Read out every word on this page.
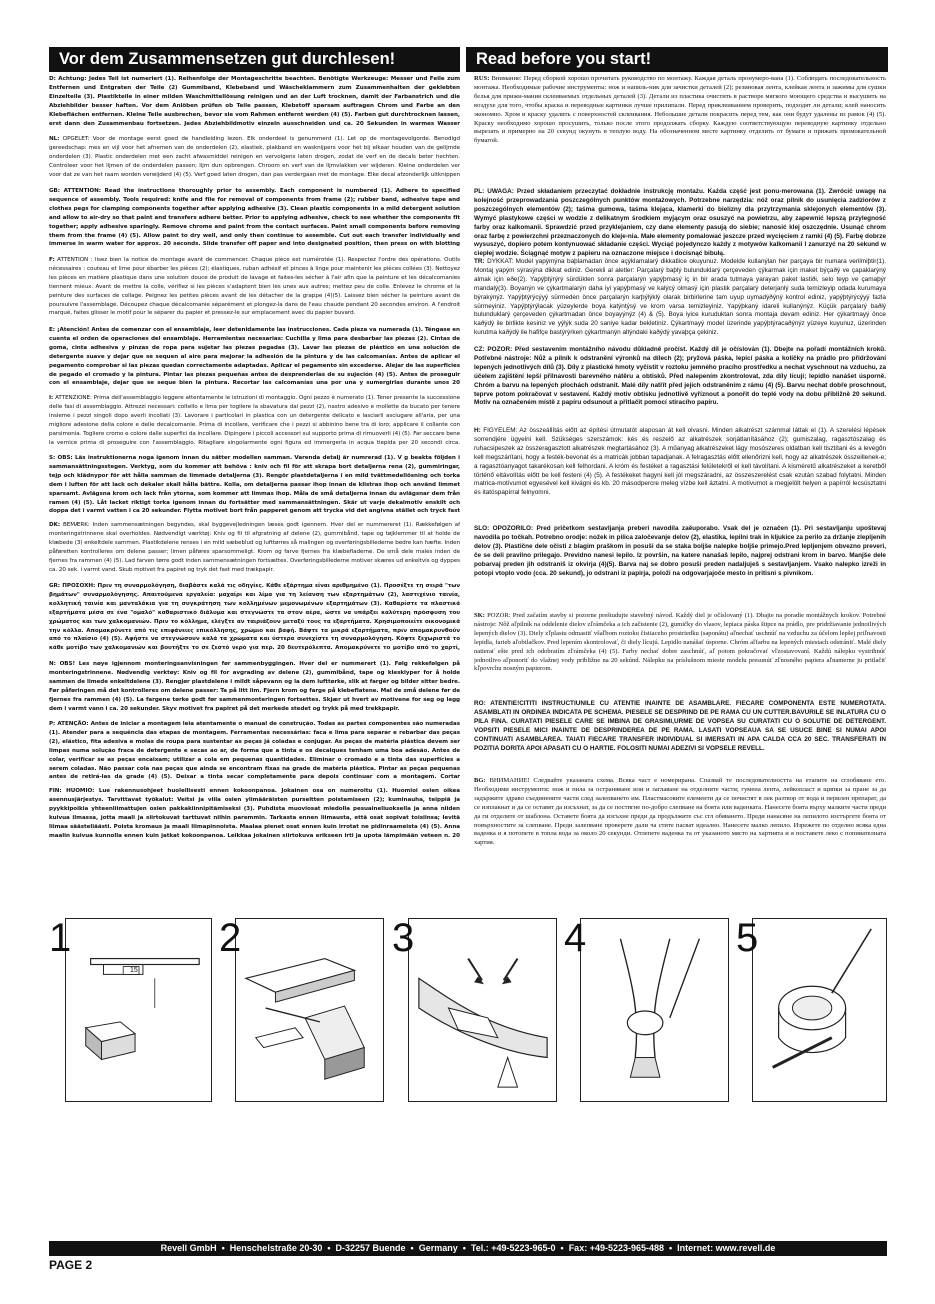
Vor dem Zusammensetzen gut durchlesen!	Read before you start!
D: Achtung: Jedes Teil ist numeriert (1). Reihenfolge der Montageschritte beachten. Benötigte Werkzeuge: Messer und Feile zum Entfernen und Entgraten der Teile (2) Gummiband, Klebeband und Wäscheklammern zum Zusammenhalten der geklebten Einzelteile (3). Plastikteile in einer milden Waschmittellösung reinigen und an der Luft trocknen, damit der Farbanstrich und die Abziehbilder besser haften. Vor dem Anlöben prüfen ob Teile passen, Klebstoff sparsam auftragen Chrom und Farbe an den Klebeflächen entfernen. Kleine Teile ausbrechen, bevor sie vom Rahmen entfernt werden (4) (5). Farben gut durchtrocknen lassen, erst dann den Zusammenbau fortsetzen. Jedes Abziehbildmotiv einzeln ausschneiden und ca. 20 Sekunden in warmes Wasser
NL: OPGELET: Voor de montage eerst goed de handleiding lezen. Elk onderdeel is genummerd (1). Let op de montagevolgorde. Benodigd gereedschap: mes en vijl voor het afnemen van de onderdelen (2), elastiek, plakband en wasknijpers voor het bij elkaar houden van de gelijmde onderdelen (3). Plastic onderdelen met een zacht afwasmiddel reinigen en vervolgens laten drogen, zodat de verf en de decals beter hechten. Controleer voor het lijmen of de onderdelen passen; lijm dun opbrengen. Chroom en verf van de lijmvlakken ver wijderen. Kleine onderdelen ver voor dat ze van het raam worden verwijderd (4) (5). Verf goed laten drogen, dan pas verdergaan met de montage. Elke decal afzonderlijk uitknippen
GB: ATTENTION: Read the instructions thoroughly prior to assembly. Each component is numbered (1). Adhere to specified sequence of assembly. Tools required: knife and file for removal of components from frame (2); rubber band, adhesive tape and clothes pegs for clamping components together after applying adhesive (3). Clean plastic components in a mild detergent solution and allow to air-dry so that paint and transfers adhere better. Prior to applying adhesive, check to see whether the components fit together; apply adhesive sparingly. Remove chrome and paint from the contact surfaces. Paint small components before removing them from the frame (4) (5). Allow paint to dry well, and only then continue to assemble. Cut out each transfer individually and immerse in warm water for approx. 20 seconds. Slide transfer off paper and into designated position, then press on with blotting
F: ATTENTION : lisez bien la notice de montage avant de commencer. Chaque pièce est numérotée (1). Respectez l'ordre des opérations. Outils nécessaires : couteau et lime pour ébarber les pièces (2); élastiques, ruban adhésif et pinces à linge pour maintenir les pièces collées (3). Nettoyez les pièces en matière plastique dans une solution douce de produit de lavage et faites-les sécher à l'air afin que la peinture et les décalcomanies tiennent mieux. Avant de mettre la colle, vérifiez si les pièces s'adaptent bien les unes aux autres; mettez peu de colle. Enlevez le chrome et la peinture des surfaces de collage. Peignez les petites pièces avant de les détacher de la grappe (4)(5). Laissez bien sécher la peinture avant de poursuivre l'assemblage. Découpez chaque décalcomanie séparément et plongez-la dans de l'eau chaude pendant 20 secondes environ. A l'endroit marqué, faites glisser le motif pour le séparer du papier et pressez-le sur emplacement avec du papier buvard.
E: ¡Atención! Antes de comenzar con el ensamblaje, leer detenidamente las instrucciones. Cada pieza va numerada (1). Téngase en cuenta el orden de operaciones del ensamblaje. Herramientas necesarias: Cuchilla y lima para desbarbar las piezas (2). Cintas de goma, cinta adhesiva y pinzas de ropa para sujetar las piezas pegadas (3). Lavar las piezas de plástico en una solución de detergente suave y dejar que se sequen al aire para mejorar la adhesión de la pintura y de las calcomanías. Antes de aplicar el pegamento comprobar si las piezas quedan correctamente adaptadas. Aplicar el pegamento sin excederse. Alejar de las superficies de pegado el cromado y la pintura. Pintar las piezas pequeñas antes de desprenderlas de su sujeción (4) (5). Antes de proseguir con el ensamblaje, dejar que se seque bien la pintura. Recortar las calcomanías una por una y sumergirlas durante unos 20
I: ATTENZIONE: Prima dell'assemblaggio leggere attentamente le istruzioni di montaggio. Ogni pezzo è numerato (1). Tener presente la successione delle fasi di assemblaggio. Attrezzi necessari: coltello e lima per togliere la sbavatura dai pezzi (2), nastro adesivo e mollette da bucato per tenere insieme i pezzi singoli dopo averli incollati (3). Lavorare i particolari in plastica con un detergente delicato e lasciarli asciugare all'aria, per una migliore adesione della colore e delle decalcomanie. Prima di incollare, verificare che i pezzi si abbinino bene tra di loro; applicare il collante con parsimonia. Togliere cromo e colore dalle superfici da incollare. Dipingere i piccoli accessori sul supporto prima di rimuoverli (4) (5). Far seccare bene la vernice prima di proseguire con l'assemblaggio. Ritagliare singolarmente ogni figura ed immergerla in acqua tiepida per 20 secondi circa.
S: OBS: Läs instruktionerna noga igenom innan du sätter modellen samman. Varenda detalj är numrerad (1). V g beakta följden i sammansättningsstegen. Verktyg, som du kommer att behöva : kniv och fil för att skrapa bort detaljerna rena (2), gummiringar, tejp och klädnypor för att hålla samman de limmade detaljerna (3). Rengör plastdetaljerna i en mild tvättmedellösning och torka dem i luften för att lack och dekaler skall hålla bättre. Kolla, om detaljerna passar ihop innan de klistras ihop och använd limmet sparsamt. Avlägsna krom och lack från ytorna, som kommer att limmas ihop. Måla de små detaljerna innan du avlägsnar dem från ramen (4) (5). Låt lacket riktigt torka igenom innan du fortsätter med sammansättningen. Skär ut varje dekalmotiv enskilt och doppa det i varmt vatten i ca 20 sekunder. Flytta motivet bort från papperet genom att trycka vid det angivna stället och tryck fast
DK: BEMÆRK: Inden sammensætningen begyndes, skal byggevejledningen læses godt igennem. Hver del er nummereret (1). Rækkefølgen af monteringstrinnene skal overholdes. Nødvendigt værktøj: Kniv og fil til afgratning af delene (2), gummibånd, tape og tøjklemmer til at holde de klæbede (3) enkeltdele sammen. Plastikdelene renses i en mild sæbeblud og lufttørres så malingen og overføringsbillederne bedre kan hæfte. Inden påføretten kontrolleres om delene passer; limen påføres sparsommeligt. Krom og farve fjernes fra klæbefladerne. De små dele males inden de fjernes fra rammen (4) (5). Lad farven tørre godt inden sammensætningen fortsættes. Overføringsbillederne motiver skæres ud enkeltvis og dyppes ca. 20 sek. i varmt vand. Skub motivet fra papiret og tryk det fast med trækpapir.
GR: ΠΡΟΣΟΧΗ: Πριν τη συναρμολόγηση, διαβάστε καλά τις οδηγίες. Κάθε εξάρτημα είναι αριθμημένο (1). Προσέξτε τη σειρά "των βημάτων" συναρμολόγησης. Απαιτούμενα εργαλεία: μαχαίρι και λίμα για τη λείανση των εξαρτημάτων (2), λαστιχένιο ταινία, κολλητική ταινία και μανταλάκια για τη συγκράτηση των κολλημένων μεμονωμένων εξαρτημάτων (3). Καθαρίστε τα πλαστικά εξαρτήματα μέσα σε ένα "ομαλό" καθαριστικό διάλυμα και στεγνώστε τα στον αέρα, ώστε να υπάρξει καλύτερη πρόσφυση του χρώματος και των χαλκομανιών. Πριν το κόλλημα, ελέγξτε αν ταιριάζουν μεταξύ τους τα εξαρτήματα. Χρησιμοποιείτε οικονομικά την κόλλα. Απομακρύνετε από τις επιφάνειες επικόλλησης, χρώμιο και βαφή. Βάψτε τα μικρά εξαρτήματα, πριν απομακρυνθούν από το πλαίσιο (4) (5). Αφήστε να στεγνώσουν καλά τα χρώματα και ύστερα συνεχίστε τη συναρμολόγηση. Κόψτε ξεχωριστά το κάθε μοτίβο των χαλκομανιών και βουτήξτε το σε ζεστό νερό για περ. 20 δευτερόλεπτα. Απομακρύνετε το μοτίβο από το χαρτί,
N: OBS! Les nøye igjennom monteringsanvisningen før sammenbyggingen. Hver del er nummerert (1). Følg rekkefølgen på monteringstrinnene. Nødvendig verktøy: Kniv og fil for avgrading av delene (2), gummibånd, tape og klesklyper for å holde sammen de limede enkeltdelene (3). Rengjør plastdelene i mildt såpevann og la dem lufttørke, slik at farger og bilder sitter bedre. Før påføringen må det kontrolleres om delene passer: Ta på litt lim. Fjern krom og farge på klebeflatene. Mal de små delene før de fjernes fra rammen (4) (5). La fargene tørke godt før sammenmonteringen fortsettes. Skjær ut hvert av motivene for seg og legg dem i varmt vann i ca. 20 sekunder. Skyv motivet fra papiret på det merkede stedet og trykk på med trekkpapir.
P: ATENÇÃO: Antes de iniciar a montagem leia atentamente o manual de construção. Todas as partes componentes são numeradas (1). Atender para a sequência das etapas de montagem. Ferramentas necessárias: faca e lima para separar e rebarbar das peças (2), elástico, fita adesiva e molas de roupa para sustentar as peças já coladas e conjugar. As peças de matéria plástica devem ser limpas numa solução fraca de detergente e secas ao ar, de forma que a tinta e os decalques tenham uma boa adesão. Antes de colar, verificar se as peças encaixam; utilizar a cola em pequenas quantidades. Eliminar o cromado e a tinta das superfícies a serem coladas. Não passar cola nas peças que ainda se encontram fixas na grade de matéria plástica. Pintar as peças pequenas antes de retirá-las da grade (4) (5). Deixar a tinta secar completamente para depois continuar com a montagem. Cortar
FIN: HUOMIO: Lue rakennusohjeet huolellisesti ennen kokoonpanoa. Jokainen osa on numeroitu (1). Huomioi osien oikea asennusjärjestys. Tarvittavat työkalut: Veitsi ja viila osien ylimääräisten purseitten poistamiseen (2); kuminauha, teippiä ja pyykkipoikia yhteenliimattujen osien pakkakiinnipitämiseksi (3). Puhdista muoviosat miedolla pesuaineliuoksella ja anna niiden kuivua ilmassa, jotta maali ja siirtokuvat tarttuvat niihin paremmin. Tarkasta ennen liimausta, että osat sopivat toisiinsa; levitä liimaa säästeliäästi. Poista kromaus ja maali liimapinnoista. Maalaa pienet osat ennen kuin irrotat ne pidinraameista (4) (5). Anna maalin kuivua kunnolla ennen kuin jatkat kokoonpanoa. Leikkaa jokainen siirtokuva erikseen irti ja upota lämpimään veteen n. 20
RUS: Внимание: Перед сборкой хорошо прочитать руководство по монтажу. Каждая деталь пронумеро-вана (1). Соблюдать последовательность монтажа. Необходимые рабочие инструменты: нож и напиль-ник для зачистки деталей (2); резиновая лента, клейкая лента и зажимы для сушки белья для прижи-мания склеиваемых отдельных деталей (3). Детали из пластика очистить в растворе мягкого моющего средства и высушить на воздухе для того, чтобы краска и переводные картинки лучше прилипали. Перед приклеиванием проверить, подходят ли детали; клей наносить экономно. Хром и краску удалить с поверхностей склеивания. Небольшие детали покрасить перед тем, как они будут удалены из рамок (4) (5). Краску необходимо хорошо просушить, только после этого продолжать сборку. Каждую соответствующую переводную картинку отдельно вырезать и примерно на 20 секунд окунуть в теплую воду. На обозначенном месте картинку отделить от бумаги и прижать промокательной бумагой.
PL: UWAGA: Przed składaniem przeczytać dokładnie instrukcję montażu. Każda część jest ponu-merowana (1). Zwrócić uwagę na kolejność przeprowadzania poszczególnych punktów montażowych. Potrzebne narzędzia: nóż oraz pilnik do usunięcia zadziorów z poszczególnych elementów (2); taśma gumowa, taśma klejąca, klamerki do bielizny dla przytrzymania sklejonych elementów (3). Wymyć plastykowe części w wodzie z delikatnym środkiem myjącym oraz osuszyć na powietrzu, aby zapewnić lepszą przylegność farby oraz kalkomanii. Sprawdzić przed przyklejaniem, czy dane elementy pasują do siebie; nanosić klej oszczędnie. Usunąć chrom oraz farbę z powierzchni przeznaczonych do kleje-nia. Małe elementy pomalować jeszcze przed wycięciem z ramki (4) (5). Farbę dobrze wysuszyć, dopiero potem kontynuować składanie części. Wyciąć pojedynczo każdy z motywów kalkomanii I zanurzyć na 20 sekund w ciepłej wodzie. Ściągnąć motyw z papieru na oznaczone miejsce i docisnąć bibułą.
TR: DYKKAT: Model yapýmýna baþlamadan önce açýklamalarý dikkatlice okuyunuz. Modelde kullanýlan her parçaya bir numara verilmiþtir(1). Montaj yapým sýrasýna dikkat ediniz. Gerekli al aletler: Parçalarý baþlý bulunduklarý çerçeveden çýkarmak için maket býçaðý ve çapaklarýný almak için eðe(2). Yapýþtýrýrý sürdükten sonra parçalarýn yapýþmasý iç in bir arada tutmaya yarayan paket lastiði, selo teyp ve çamaþýr mandalý(3). Boyanýn ve çýkartmalarýn daha iyi yapýþmasý ve kalýcý olmasý için plastik parçalarý deterjanlý suda temizleyip odada kurumaya býrakýnýz. Yapýþtýrýcýyý sürmeden önce parçalarýn karþýlýklý olarak birbirlerine tam uyup uymadýðýný kontrol ediniz, yapýþtýrýcýyý fazla sürmeyiniz. Yapýþtýrýlacak yüzeylerde boya katýntýsý ve krom varsa temizleyiniz. Yapýþkaný idareli kullanýnýz. Küçük parçalarý baðlý bulunduklarý çerçeveden çýkartmadan önce boyayýnýz (4) & (5). Boya iyice kuruduktan sonra montaja devam ediniz. Her çýkartmayý önce kaðýdý ile birlikte kesiniz ve yýlýk suda 20 saniye kadar bekletiniz. Çýkartmayý model üzerinde yapýþtýracaðýnýz yüzeye kuyunuz, üzerinden kurutma kaðýdý ile hafifçe bastýrýrken çýkartmanýn altýndaki kaðýdý yavaþça çekiniz.
CZ: POZOR: Před sestavením montážního návodu důkladně pročíst. Každý díl je očíslován (1). Dbejte na pořadí montážních kroků. Potřebné nástroje: Nůž a pilník k odstranění výronků na dílech (2); pryžová páska, lepicí páska a kolíčky na prádlo pro přidržování lepených jednotlivých dílů (3). Díly z plastické hmoty vyčistit v roztoku jemného pracího prostředku a nechat vyschnout na vzduchu, za účelem zajištění lepší přilnavosti barevného nátěru a obtisků. Před nalepením zkontrolovat, zda díly lícují; lepidlo nanášet úsporně. Chróm a barvu na lepených plochách odstranit. Malé díly natřít před jejich odstraněním z rámu (4) (5). Barvu nechat dobře proschnout, teprve potom pokračovat v sestavení. Každý motiv obtisku jednotlivě vyříznout a ponořit do teplé vody na dobu přibližně 20 sekund. Motiv na označeném místě z papíru odsunout a přitlačit pomocí stíracího papíru.
H: FIGYELEM: Az összeállítás előtt az építési útmutatót alaposan át kell olvasni. Minden alkatrészt számmal láttak el (1). A szerelési lépések sorrendjére ügyelni kell. Szükséges szerszámok: kés és reszelő az alkatrészek sorjátlanításához (2); gumiszalag, ragasztószalag és ruhacsipeszek az összeragasztott alkatrészek megtartásához (3). A műanyag alkatrészeket lágy mosószeres oldatban kell tisztítani és a levegőn kell megszárítani, hogy a festék-bevonat és a matricák jobban tapadjanak. A felragasztás előtt ellenőrizni kell, hogy az alkatrészek összeillenek-e; a ragasztóanyagot takarékosan kell felhordani. A króm és festéket a ragasztási felületekről el kell távolítani. A kisméretű alkatrészeket a keretből történő eltávolítás előtt be kell festeni (4) (5). A festékeket hagyni kell jól megszáradni, az összeszerelést csak ezután szabad folytatni. Minden matrica-motívumot egyesével kell kivágni és kb. 20 másodpercre meleg vízbe kell áztatni. A motívumot a megjelölt helyen a papírról lecsúsztatni és itatóspapírral felnyomni.
SLO: OPOZORILO: Pred pričetkom sestavljanja preberi navodila zaěuporabo. Vsak del je označen (1). Pri sestavljanju upoštevaj navodila po točkah. Potrebno orodje: nožek in pilica zaločevanje delov (2), elastika, lepilni trak in kljukice za perilo za držanje zlepljenih delov (3). Plastične dele očisti z blagim praškom in posuši da se staka boljše nalepke boljše primejo.Pred lepljenjem obvezno preveri, če se deli pravilno prilegajo. Previdno nanesi lepilo. Iz površin, na katere nanašaš lepilo, najprej odstrani krom in barvo. Manjše dele pobarvaj preden jih odstraniš iz okvirja (4)(5). Barva naj se dobro posuši preden nadaljuješ s sestavljanjem. Vsako nalepko izreži in potopi vtoplo vodo (cca. 20 sekund), jo odstrani iz papirja, položi na odgovarjajoče mesto in pritisni s pivnikom.
SK: POZOR: Pred začatím stavby si pozorne preštudujte stavebný návod. Každý diel je očíslovaný (1). Dbajte na poradie montážnych krokov. Potrebné nástroje: Nôž aľpilník na oddelenie dielov zľrámčeka a ich začistenie (2), gumičky do vlasov, lepiaca páska štipce na prádlo, pre pridržiavanie jednotlivých lepených dielov (3). Diely zľplastu odmastiť všaľbom roztoku čistiaceho prostriedku (saponátu) aľnechať uschnúť na vzduchu za účelom lepšej priľnavosti lepidla, farieb aľobtlačkov. Pred lepením skontrolovať, či diely lícujú. Lepidlo nanášať úsporne. Chróm aľfarbu na lepených miestach odstrániť. Malé diely natierať ešte pred ich odobratím zľrámčeka (4) (5). Farby nechať dobre zaschnúť, aľ potom pokračovať vľzostavovaní. Každú nálepku vystrihnúť jednotlivo aľponoriť do vlažnej vody približne na 20 sekúnd. Nálepku na príslušnom mieste modelu presunúť zľnosného papiera aľnamerne ju pritlačiť kľpovrchu nosným papierom.
RO: ATENTIE!CITITI INSTRUCTIUNILE CU ATENTIE INAINTE DE ASAMBLARE. FIECARE COMPONENTA ESTE NUMEROTATA. ASAMBLATI IN ORDINEA INDICATA PE SCHEMA. PIESELE SE DESPRIND DE PE RAMA CU UN CUTTER.BAVURILE SE INLATURA CU O PILA FINA. CURATATI PIESELE CARE SE IMBINA DE GRASIMI,URME DE VOPSEA SU CURATATI CU O SOLUTIE DE DETERGENT. VOPSITI PIESELE MICI INAINTE DE DESPRINDEREA DE PE RAMA. LASATI VOPSEAUA SA SE USUCE BINE SI NUMAI APOI CONTINUATI ASAMBLAREA. TAIATI FIECARE TRANSFER INDIVIDUAL SI IMERSATI IN APA CALDA CCA 20 SEC. TRANSFERATI IN POZITIA DORITA APOI APASATI CU O HARTIE. FOLOSITI NUMAI ADEZIVI SI VOPSELE REVELL.
BG: ВНИМАНИЕ! Следвайте указаната схема. Всяка част е номерирана. Спазвай те последователността на етапите на сглобяване ето. Необходими инструменти: нож и пила за остраняване или и заглаване на отделните части; гумена лента, лейкопласт и щипки за пране за да задържите здраво съединените части след залепването им. Пластмасовите елементи да се почистят в лек разтвор от вода и перилен препарат, да се изплакнат и да се оставят да изсъхнат, за да се постигне по-добро слепване на боята или ваденката. Нанесете боята върху малките части преди да ги отделите от шаблона. Оставете боята да изсъхне преди да продължите със сгл обяването. Преди нанасяне на лепилото изстъргете боята от повърхностите за слепване. Преди залепване проверете дали ча стите пасват идеално. Нанесете малко лепило. Изрежете по отделно всяка една ваденка и я потопете в топла вода за около 20 секунди. Отлепете ваденка та от указаното място на хартията и я поставете леко с попивателната хартия.
15
1	2	3	4	5
Revell GmbH • Henschelstraße 20-30 • D-32257 Buende • Germany • Tel.: +49-5223-965-0 • Fax: +49-5223-965-488 • Internet: www.revell.de
PAGE 2
